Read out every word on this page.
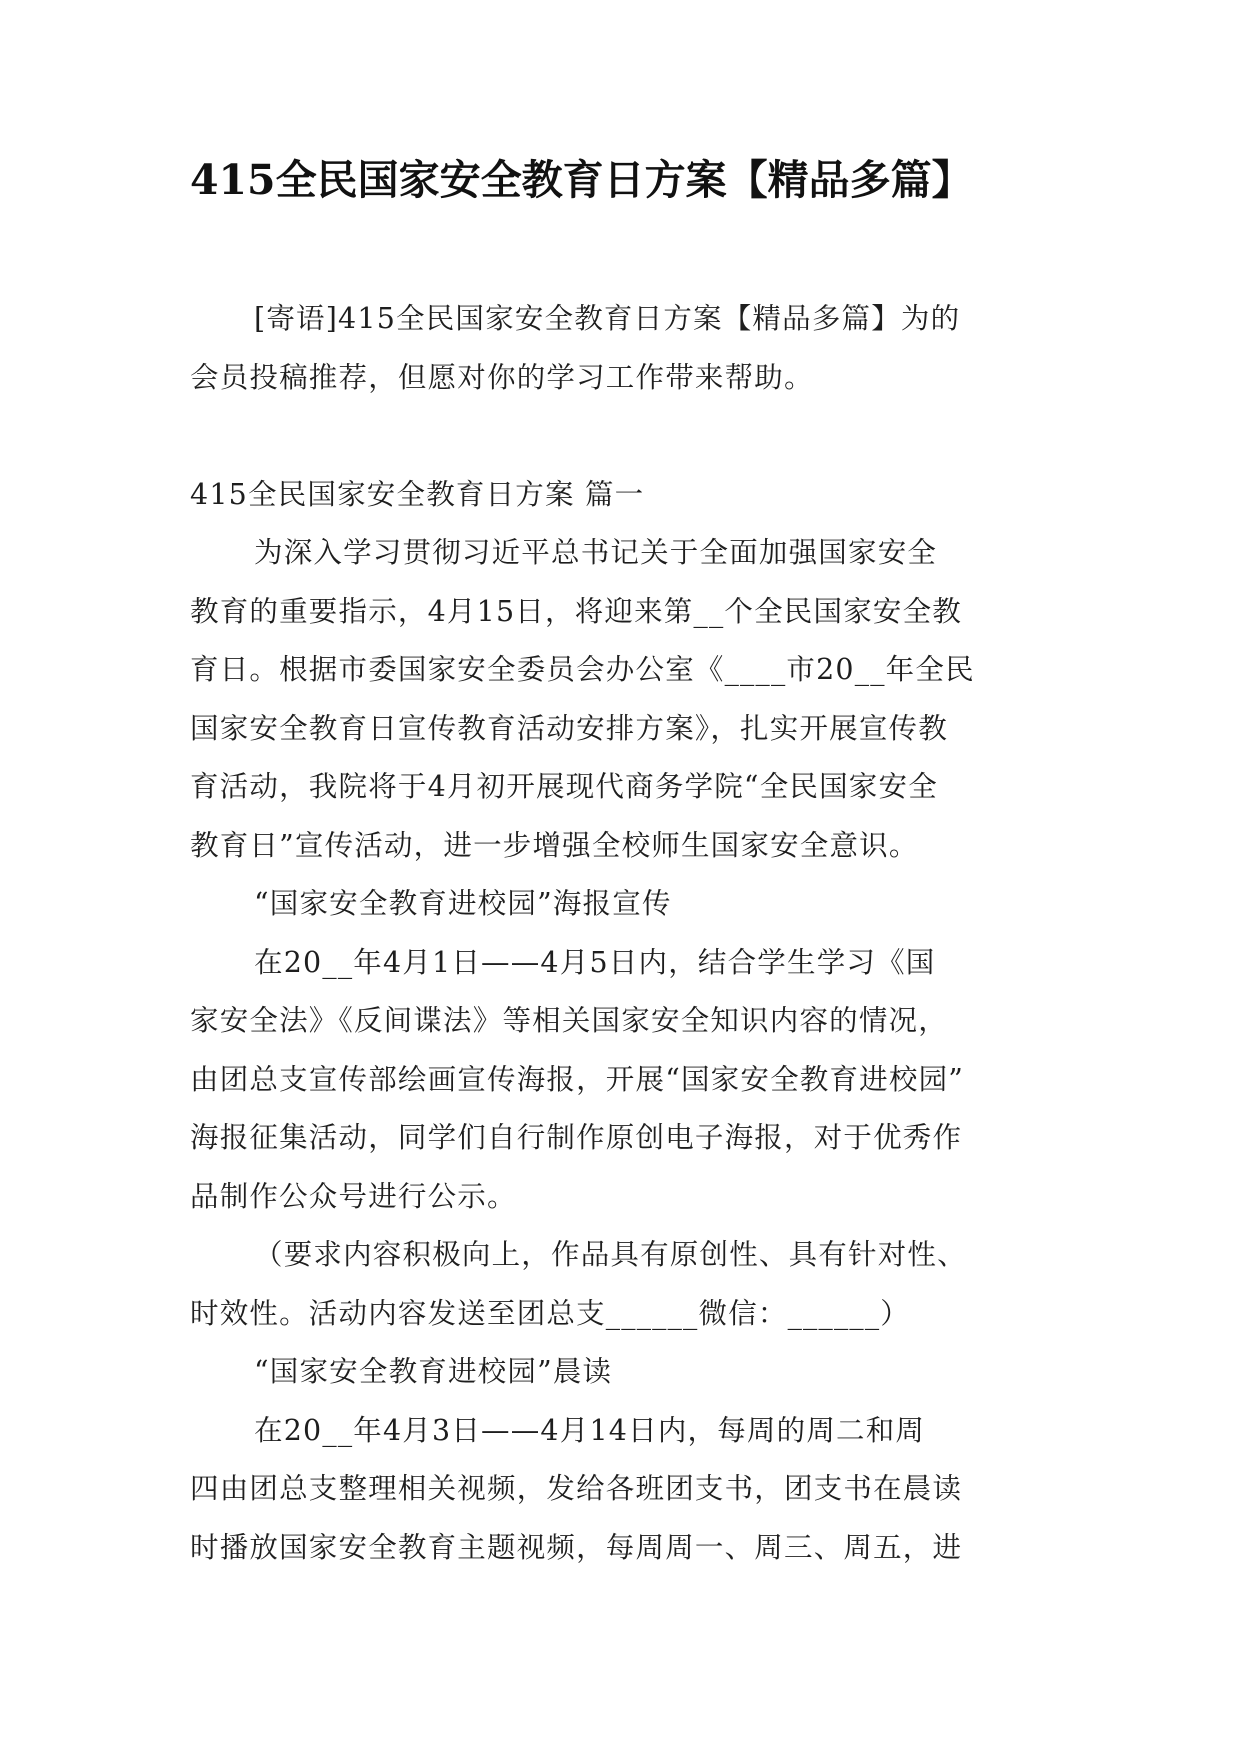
415全民国家安全教育日方案【精品多篇】

[寄语]415全民国家安全教育日方案【精品多篇】为的

会员投稿推荐，但愿对你的学习工作带来帮助。

415全民国家安全教育日方案 篇一

为深入学习贯彻习近平总书记关于全面加强国家安全

教育的重要指示，4月15日，将迎来第__个全民国家安全教

育日。根据市委国家安全委员会办公室《____市20__年全民

国家安全教育日宣传教育活动安排方案》，扎实开展宣传教

育活动，我院将于4月初开展现代商务学院“全民国家安全

教育日”宣传活动，进一步增强全校师生国家安全意识。

“国家安全教育进校园”海报宣传

在20__年4月1日——4月5日内，结合学生学习《国

家安全法》《反间谍法》等相关国家安全知识内容的情况，

由团总支宣传部绘画宣传海报，开展“国家安全教育进校园”

海报征集活动，同学们自行制作原创电子海报，对于优秀作

品制作公众号进行公示。

（要求内容积极向上，作品具有原创性、具有针对性、

时效性。活动内容发送至团总支______微信：______）

“国家安全教育进校园”晨读

在20__年4月3日——4月14日内，每周的周二和周

四由团总支整理相关视频，发给各班团支书，团支书在晨读

时播放国家安全教育主题视频，每周周一、周三、周五，进
